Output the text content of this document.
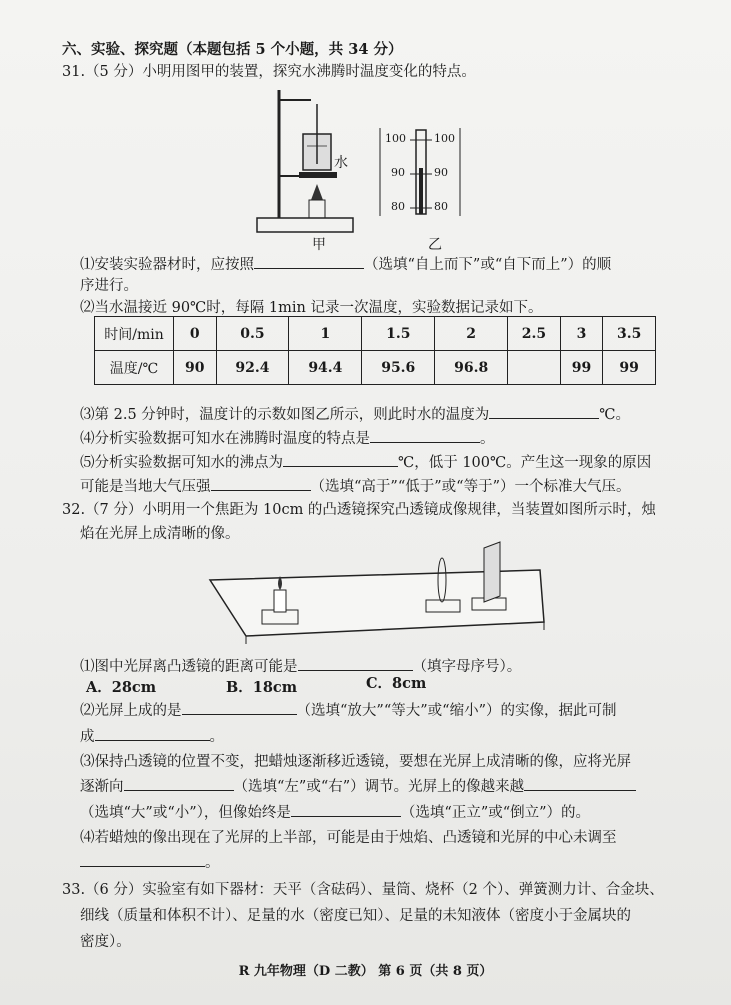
六、实验、探究题（本题包括 5 个小题，共 34 分）
31.（5 分）小明用图甲的装置，探究水沸腾时温度变化的特点。
水
甲
100	100
90	90
80	80
乙
⑴安装实验器材时，应按照	（选填“自上而下”或“自下而上”）的顺
序进行。
⑵当水温接近 90℃时，每隔 1min 记录一次温度，实验数据记录如下。
时间/min	0	0.5	1	1.5	2	2.5	3	3.5
温度/℃	90	92.4	94.4	95.6	96.8		99	99
⑶第 2.5 分钟时，温度计的示数如图乙所示，则此时水的温度为	℃。
⑷分析实验数据可知水在沸腾时温度的特点是	。
⑸分析实验数据可知水的沸点为	℃，低于 100℃。产生这一现象的原因
可能是当地大气压强	（选填“高于”“低于”或“等于”）一个标准大气压。
32.（7 分）小明用一个焦距为 10cm 的凸透镜探究凸透镜成像规律，当装置如图所示时，烛
焰在光屏上成清晰的像。
⑴图中光屏离凸透镜的距离可能是	（填字母序号）。
A．28cm	B．18cm	C．8cm
⑵光屏上成的是	（选填“放大”“等大”或“缩小”）的实像，据此可制
成	。
⑶保持凸透镜的位置不变，把蜡烛逐渐移近透镜，要想在光屏上成清晰的像，应将光屏
逐渐向	（选填“左”或“右”）调节。光屏上的像越来越
（选填“大”或“小”），但像始终是	（选填“正立”或“倒立”）的。
⑷若蜡烛的像出现在了光屏的上半部，可能是由于烛焰、凸透镜和光屏的中心未调至
。
33.（6 分）实验室有如下器材：天平（含砝码）、量筒、烧杯（2 个）、弹簧测力计、合金块、
细线（质量和体积不计）、足量的水（密度已知）、足量的未知液体（密度小于金属块的
密度）。
R 九年物理（D 二教） 第 6 页（共 8 页）
